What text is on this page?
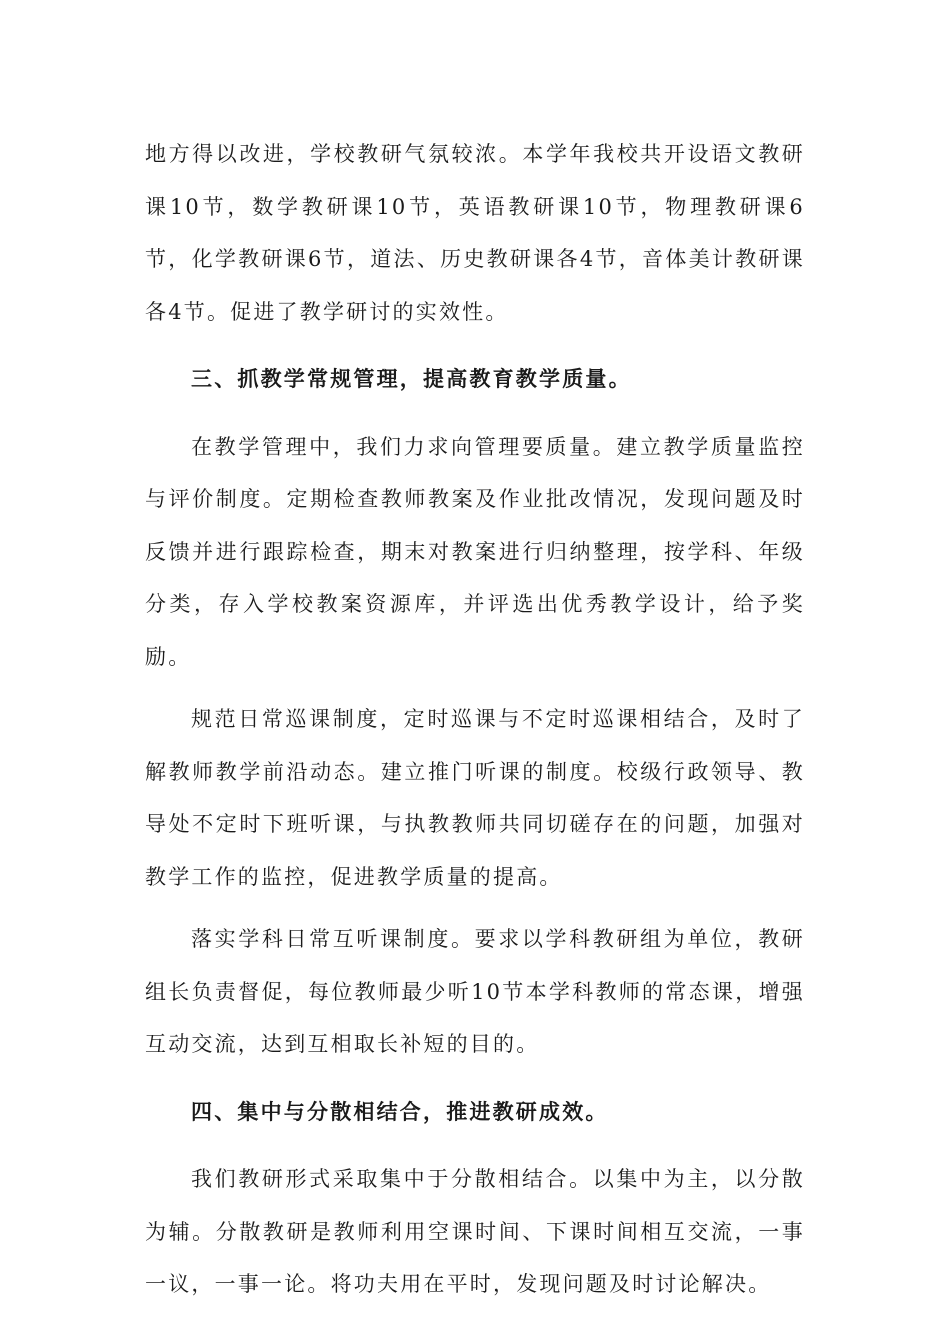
地方得以改进，学校教研气氛较浓。本学年我校共开设语文教研课10节，数学教研课10节，英语教研课10节，物理教研课6节，化学教研课6节，道法、历史教研课各4节，音体美计教研课各4节。促进了教学研讨的实效性。

三、抓教学常规管理，提高教育教学质量。

在教学管理中，我们力求向管理要质量。建立教学质量监控与评价制度。定期检查教师教案及作业批改情况，发现问题及时反馈并进行跟踪检查，期末对教案进行归纳整理，按学科、年级分类，存入学校教案资源库，并评选出优秀教学设计，给予奖励。

规范日常巡课制度，定时巡课与不定时巡课相结合，及时了解教师教学前沿动态。建立推门听课的制度。校级行政领导、教导处不定时下班听课，与执教教师共同切磋存在的问题，加强对教学工作的监控，促进教学质量的提高。

落实学科日常互听课制度。要求以学科教研组为单位，教研组长负责督促，每位教师最少听10节本学科教师的常态课，增强互动交流，达到互相取长补短的目的。

四、集中与分散相结合，推进教研成效。

我们教研形式采取集中于分散相结合。以集中为主，以分散为辅。分散教研是教师利用空课时间、下课时间相互交流，一事一议，一事一论。将功夫用在平时，发现问题及时讨论解决。
